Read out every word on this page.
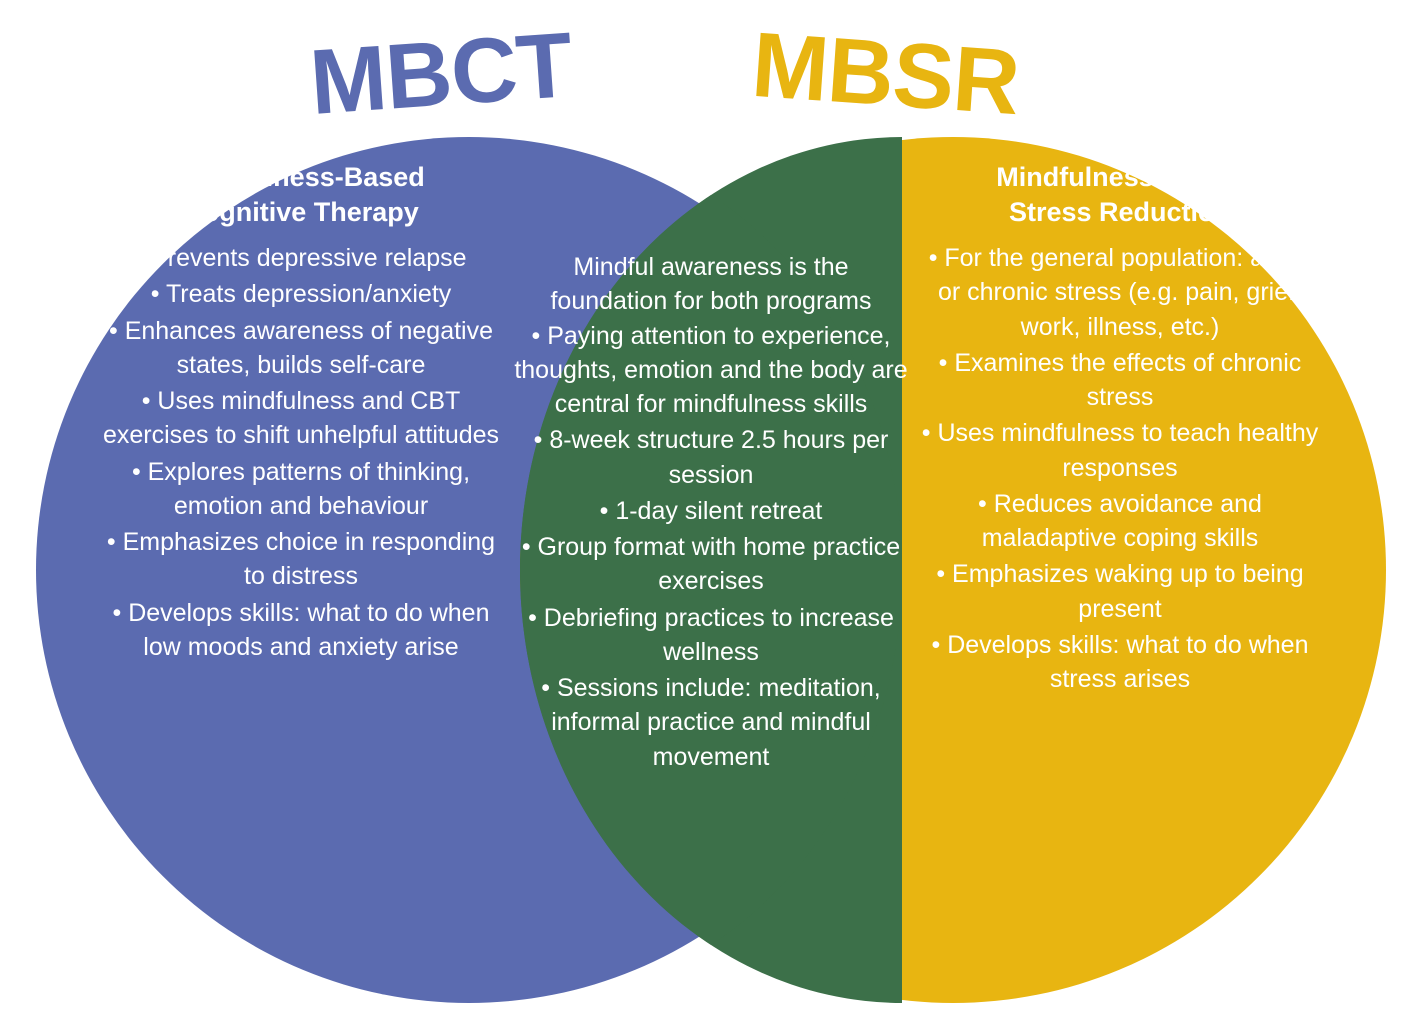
MBCT MBSR
Mindfulness-Based
Cognitive Therapy
• Prevents depressive relapse
• Treats depression/anxiety
• Enhances awareness of negative states, builds self-care
• Uses mindfulness and CBT exercises to shift unhelpful attitudes
• Explores patterns of thinking, emotion and behaviour
• Emphasizes choice in responding to distress
• Develops skills: what to do when low moods and anxiety arise

Mindful awareness is the foundation for both programs

• Paying attention to experience, thoughts, emotion and the body are central for mindfulness skills
• 8-week structure 2.5 hours per session
• 1-day silent retreat
• Group format with home practice exercises
• Debriefing practices to increase wellness
• Sessions include: meditation, informal practice and mindful movement
Mindfulness-Based
Stress Reduction
• For the general population: acute or chronic stress (e.g. pain, grief, work, illness, etc.)
• Examines the effects of chronic stress
• Uses mindfulness to teach healthy responses
• Reduces avoidance and maladaptive coping skills
• Emphasizes waking up to being present
• Develops skills: what to do when stress arises
